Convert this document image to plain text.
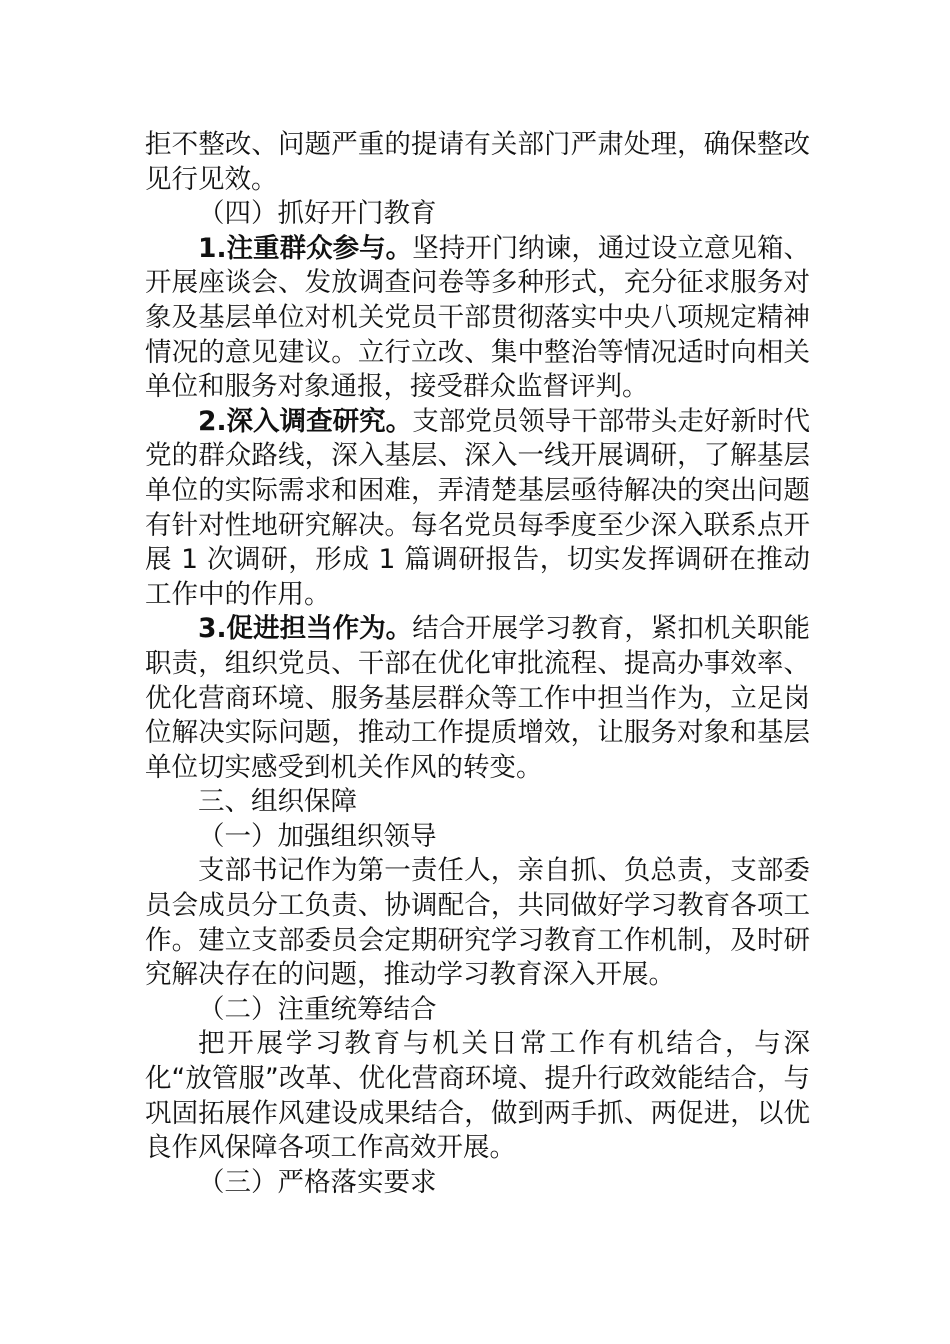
拒不整改、问题严重的提请有关部门严肃处理，确保整改见行见效。

（四）抓好开门教育

1.注重群众参与。坚持开门纳谏，通过设立意见箱、开展座谈会、发放调查问卷等多种形式，充分征求服务对象及基层单位对机关党员干部贯彻落实中央八项规定精神情况的意见建议。立行立改、集中整治等情况适时向相关单位和服务对象通报，接受群众监督评判。

2.深入调查研究。支部党员领导干部带头走好新时代党的群众路线，深入基层、深入一线开展调研，了解基层单位的实际需求和困难，弄清楚基层亟待解决的突出问题有针对性地研究解决。每名党员每季度至少深入联系点开展 1 次调研，形成 1 篇调研报告，切实发挥调研在推动工作中的作用。

3.促进担当作为。结合开展学习教育，紧扣机关职能职责，组织党员、干部在优化审批流程、提高办事效率、优化营商环境、服务基层群众等工作中担当作为，立足岗位解决实际问题，推动工作提质增效，让服务对象和基层单位切实感受到机关作风的转变。

三、组织保障

（一）加强组织领导

支部书记作为第一责任人，亲自抓、负总责，支部委员会成员分工负责、协调配合，共同做好学习教育各项工作。建立支部委员会定期研究学习教育工作机制，及时研究解决存在的问题，推动学习教育深入开展。

（二）注重统筹结合

把开展学习教育与机关日常工作有机结合，与深化“放管服”改革、优化营商环境、提升行政效能结合，与巩固拓展作风建设成果结合，做到两手抓、两促进，以优良作风保障各项工作高效开展。

（三）严格落实要求
